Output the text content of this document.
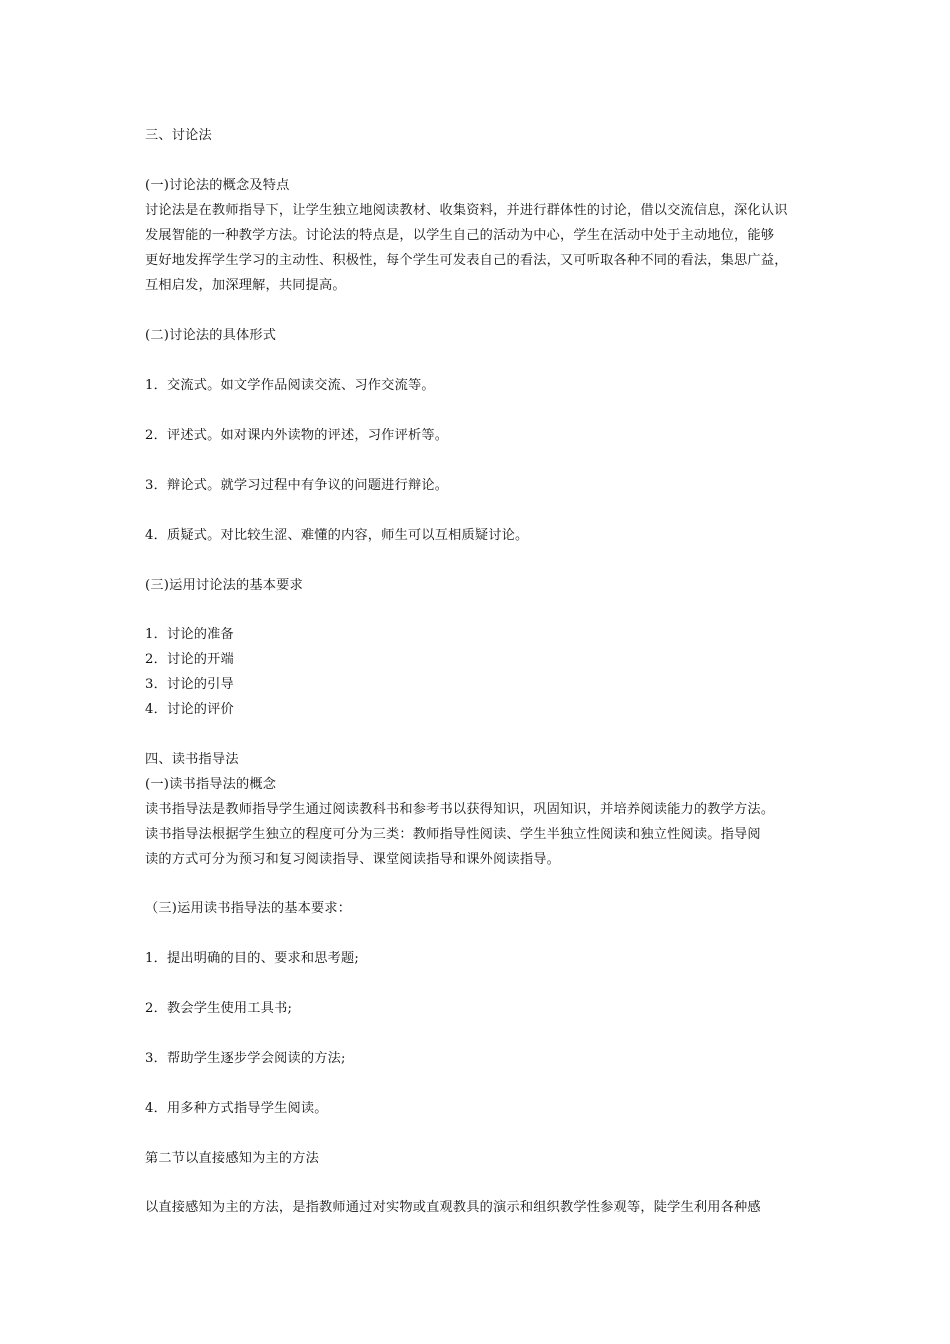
三、讨论法
(一)讨论法的概念及特点
讨论法是在教师指导下，让学生独立地阅读教材、收集资料，并进行群体性的讨论，借以交流信息，深化认识
发展智能的一种教学方法。讨论法的特点是，以学生自己的活动为中心，学生在活动中处于主动地位，能够
更好地发挥学生学习的主动性、积极性，每个学生可发表自己的看法，又可听取各种不同的看法，集思广益，
互相启发，加深理解，共同提高。
(二)讨论法的具体形式
1．交流式。如文学作品阅读交流、习作交流等。
2．评述式。如对课内外读物的评述，习作评析等。
3．辩论式。就学习过程中有争议的问题进行辩论。
4．质疑式。对比较生涩、难懂的内容，师生可以互相质疑讨论。
(三)运用讨论法的基本要求
1．讨论的准备
2．讨论的开端
3．讨论的引导
4．讨论的评价
四、读书指导法
(一)读书指导法的概念
读书指导法是教师指导学生通过阅读教科书和参考书以获得知识，巩固知识，并培养阅读能力的教学方法。
读书指导法根据学生独立的程度可分为三类：教师指导性阅读、学生半独立性阅读和独立性阅读。指导阅
读的方式可分为预习和复习阅读指导、课堂阅读指导和课外阅读指导。
（三)运用读书指导法的基本要求：
1．提出明确的目的、要求和思考题;
2．教会学生使用工具书;
3．帮助学生逐步学会阅读的方法;
4．用多种方式指导学生阅读。
第二节以直接感知为主的方法
以直接感知为主的方法，是指教师通过对实物或直观教具的演示和组织教学性参观等，陡学生利用各种感
